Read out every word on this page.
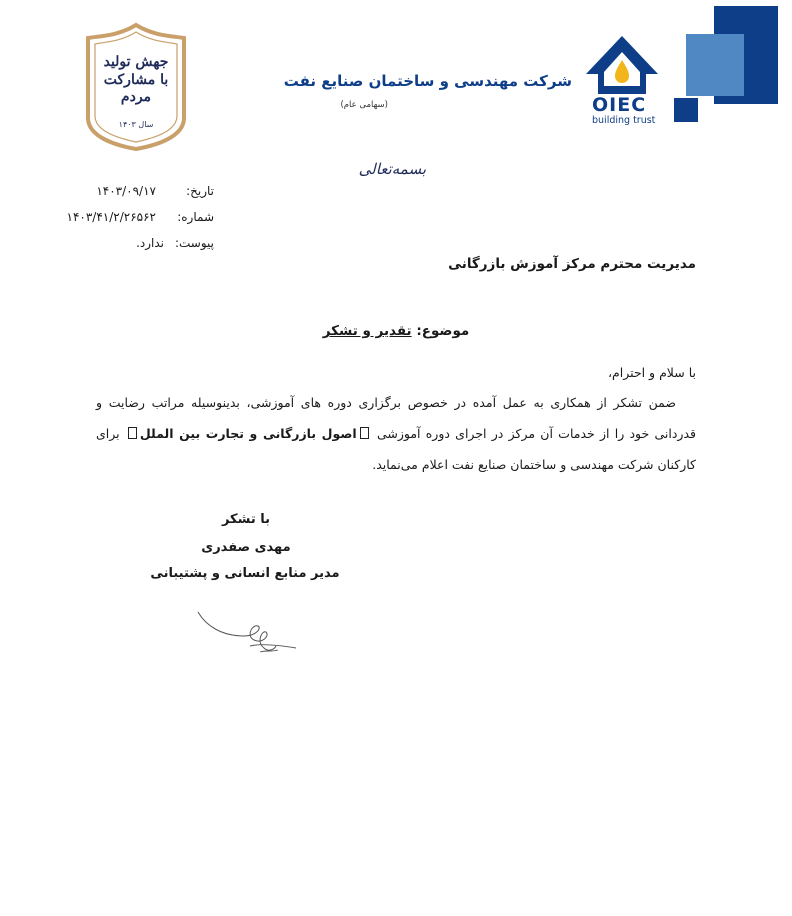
OIEC
building trust
شرکت مهندسی و ساختمان صنایع نفت
(سهامی عام)
جهش تولید
با مشارکت مردم
سال ۱۴۰۳
بسمه‌تعالی
تاریخ:
۱۴۰۳/۰۹/۱۷
شماره:
۱۴۰۳/۴۱/۲/۲۶۵۶۲
پیوست:
ندارد.
مدیریت محترم مرکز آموزش بازرگانی
موضوع: تقدیر و تشکر
با سلام و احترام،
ضمن تشکر از همکاری به عمل آمده در خصوص برگزاری دوره های آموزشی، بدینوسیله مراتب رضایت و
قدردانی خود را از خدمات آن مرکز در اجرای دوره آموزشی اصول بازرگانی و تجارت بین الملل برای
کارکنان شرکت مهندسی و ساختمان صنایع نفت اعلام می‌نماید.
با تشکر
مهدی صفدری
مدیر منابع انسانی و پشتیبانی
